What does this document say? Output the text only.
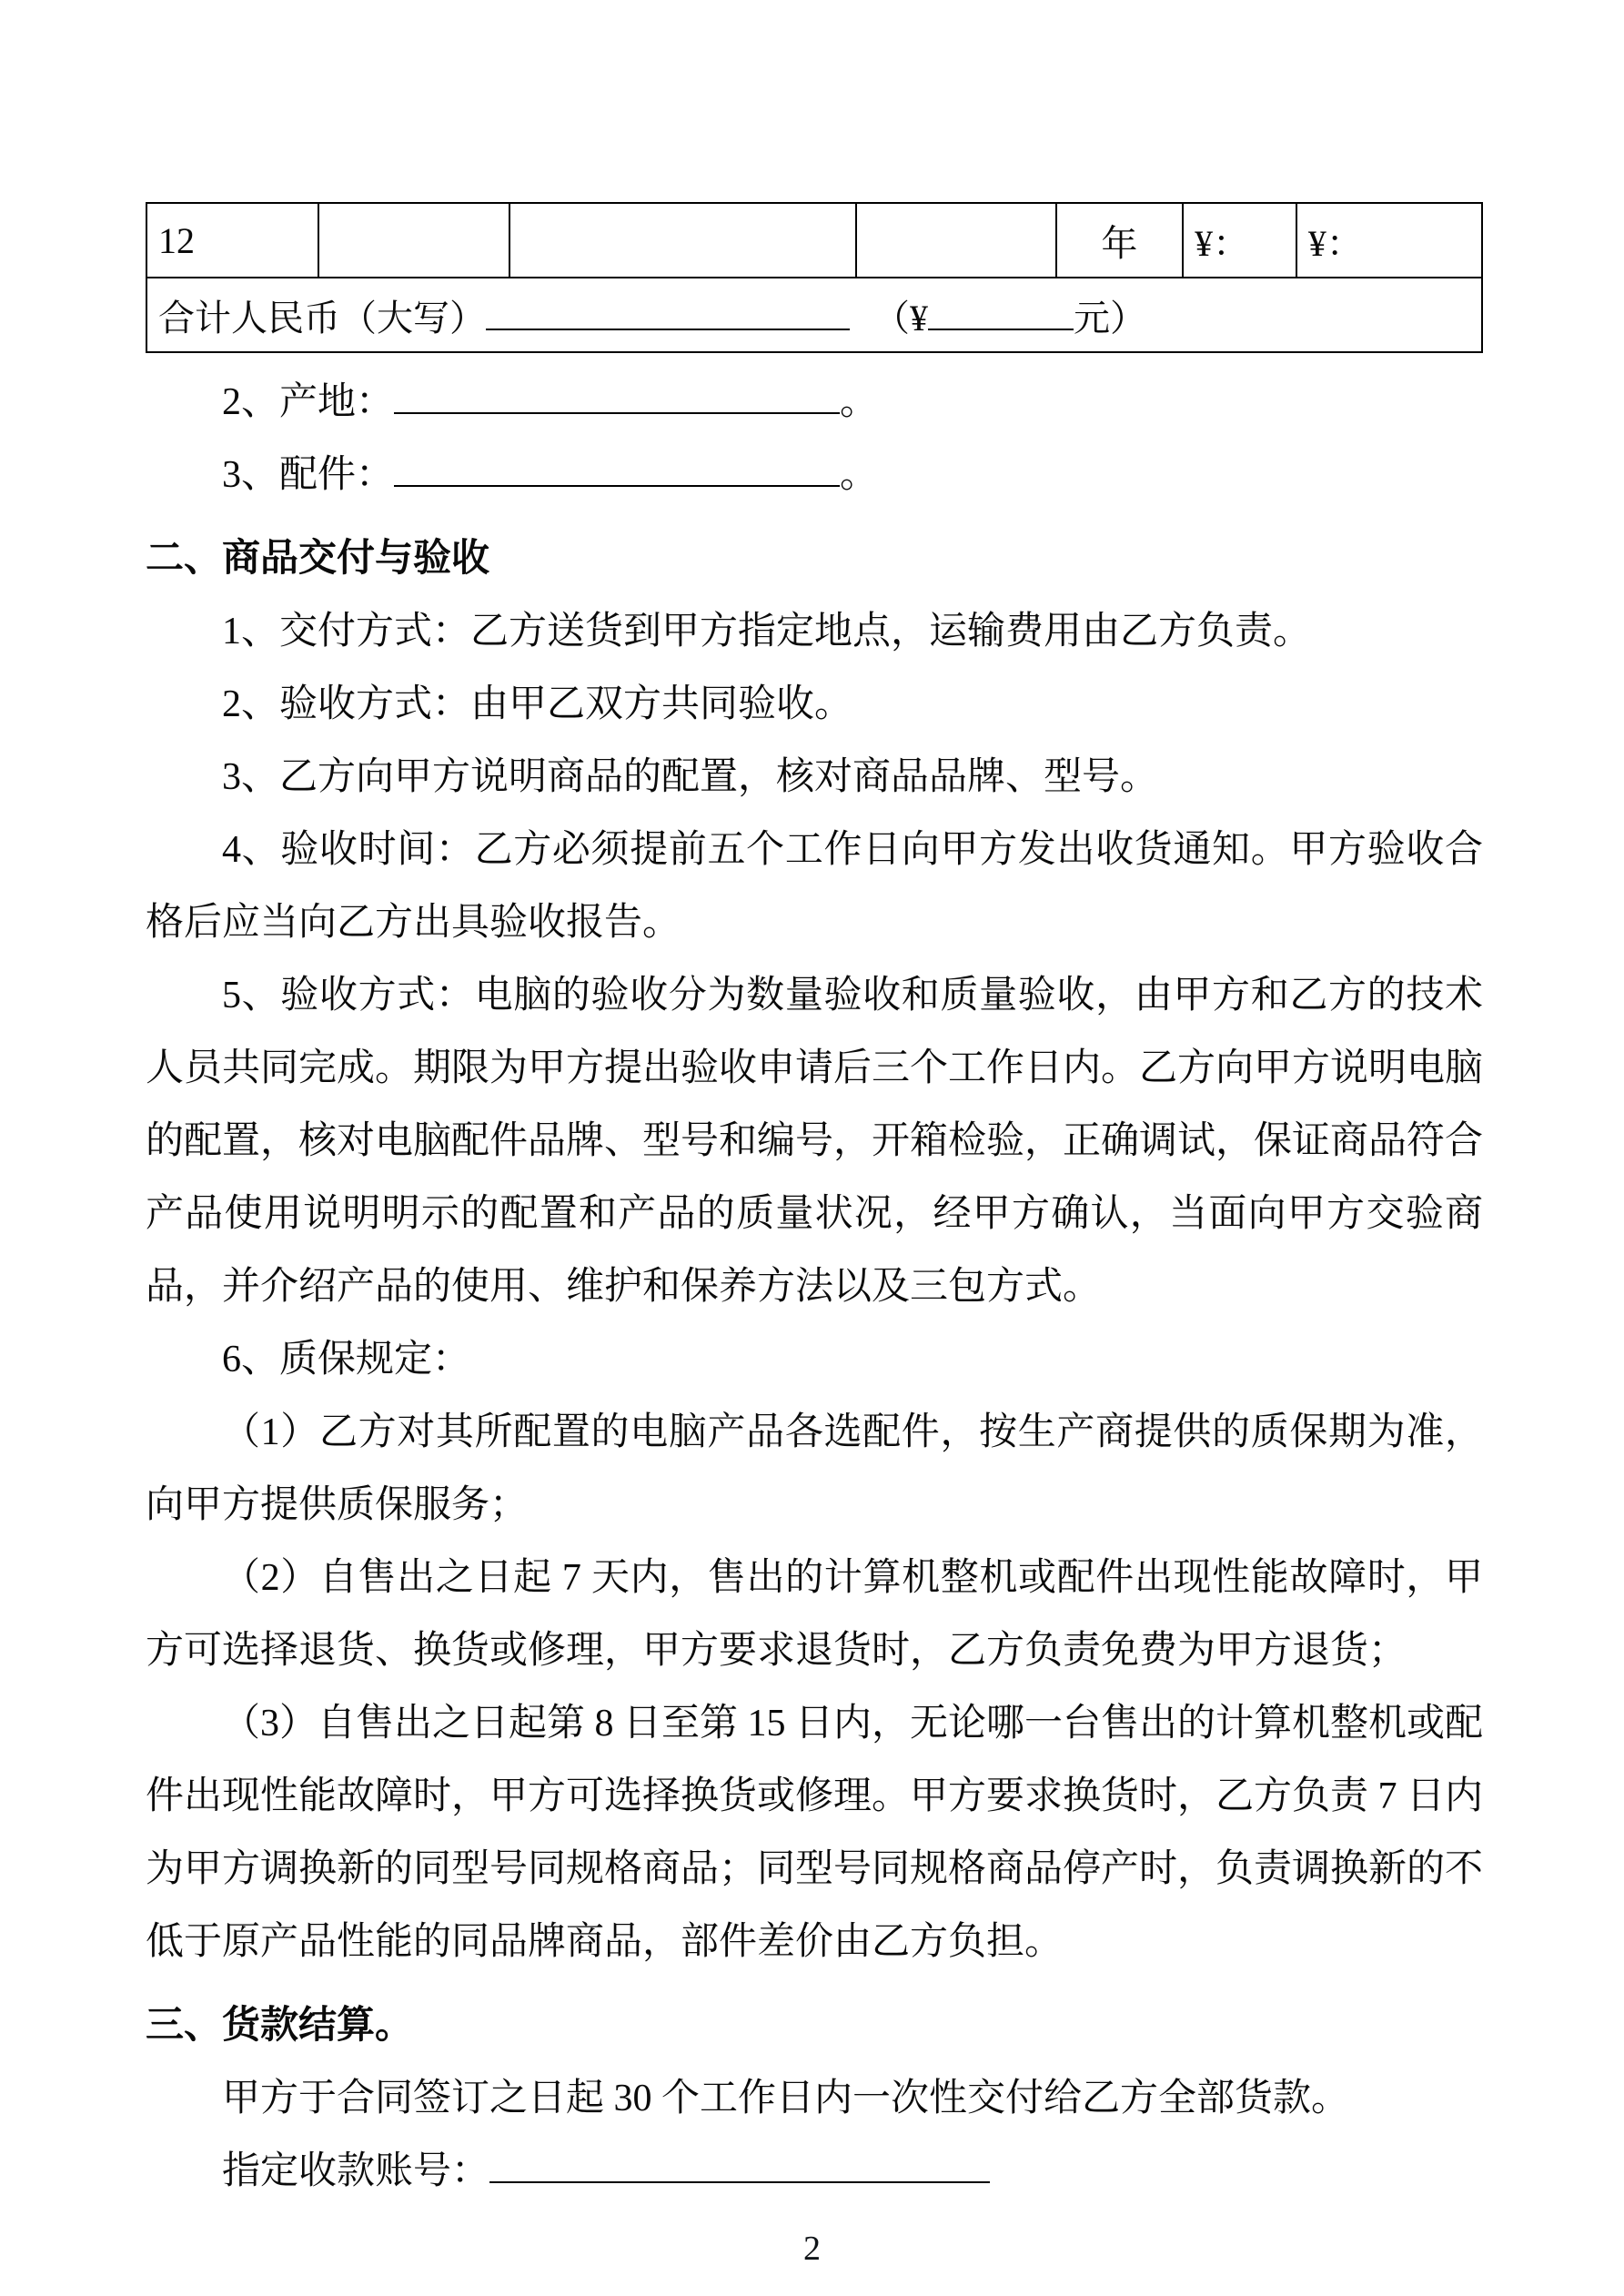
12				年	¥：	¥：
合计人民币（大写）	（¥	元）

2、产地：	。

3、配件：	。

二、商品交付与验收

1、交付方式：乙方送货到甲方指定地点，运输费用由乙方负责。

2、验收方式：由甲乙双方共同验收。

3、乙方向甲方说明商品的配置，核对商品品牌、型号。

4、验收时间：乙方必须提前五个工作日向甲方发出收货通知。甲方验收合格后应当向乙方出具验收报告。

5、验收方式：电脑的验收分为数量验收和质量验收，由甲方和乙方的技术人员共同完成。期限为甲方提出验收申请后三个工作日内。乙方向甲方说明电脑的配置，核对电脑配件品牌、型号和编号，开箱检验，正确调试，保证商品符合产品使用说明明示的配置和产品的质量状况，经甲方确认，当面向甲方交验商品，并介绍产品的使用、维护和保养方法以及三包方式。

6、质保规定：

（1）乙方对其所配置的电脑产品各选配件，按生产商提供的质保期为准，向甲方提供质保服务；

（2）自售出之日起 7 天内，售出的计算机整机或配件出现性能故障时，甲方可选择退货、换货或修理，甲方要求退货时，乙方负责免费为甲方退货；

（3）自售出之日起第 8 日至第 15 日内，无论哪一台售出的计算机整机或配件出现性能故障时，甲方可选择换货或修理。甲方要求换货时，乙方负责 7 日内为甲方调换新的同型号同规格商品；同型号同规格商品停产时，负责调换新的不低于原产品性能的同品牌商品，部件差价由乙方负担。

三、货款结算。

甲方于合同签订之日起 30 个工作日内一次性交付给乙方全部货款。

指定收款账号：

2
